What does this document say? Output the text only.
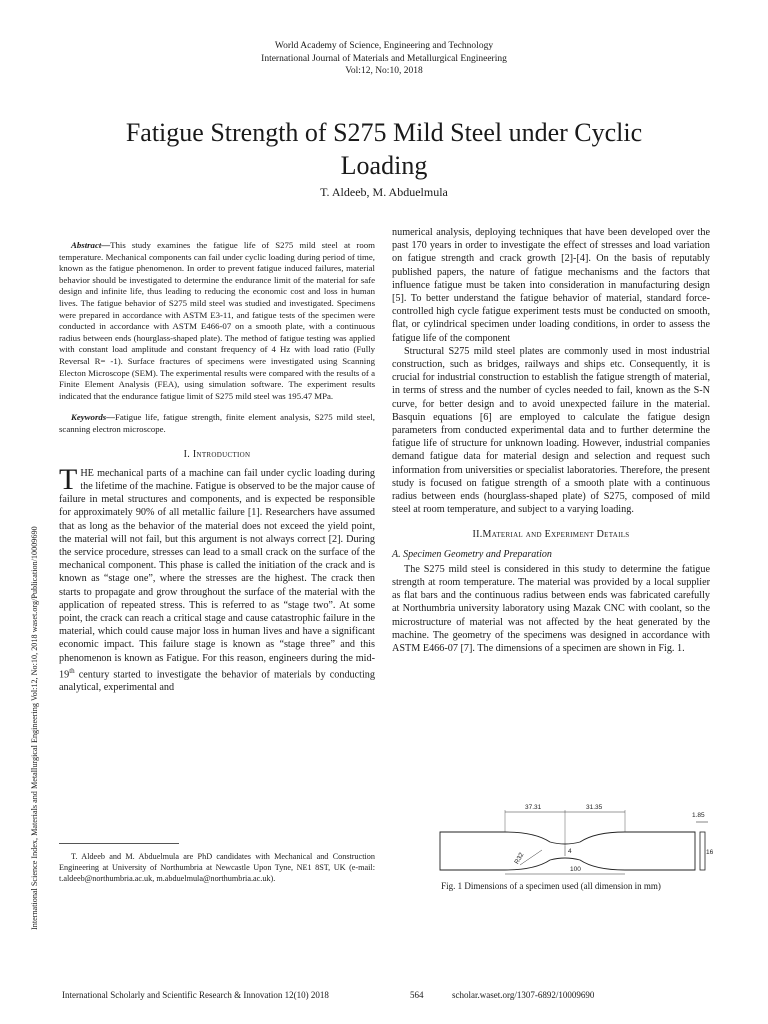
World Academy of Science, Engineering and Technology
International Journal of Materials and Metallurgical Engineering
Vol:12, No:10, 2018
Fatigue Strength of S275 Mild Steel under Cyclic
Loading
T. Aldeeb, M. Abduelmula
International Science Index, Materials and Metallurgical Engineering Vol:12, No:10, 2018 waset.org/Publication/10009690

Abstract—This study examines the fatigue life of S275 mild steel at room temperature. Mechanical components can fail under cyclic loading during period of time, known as the fatigue phenomenon. In order to prevent fatigue induced failures, material behavior should be investigated to determine the endurance limit of the material for safe design and infinite life, thus leading to reducing the economic cost and loss in human lives. The fatigue behavior of S275 mild steel was studied and investigated. Specimens were prepared in accordance with ASTM E3-11, and fatigue tests of the specimen were conducted in accordance with ASTM E466-07 on a smooth plate, with a continuous radius between ends (hourglass-shaped plate). The method of fatigue testing was applied with constant load amplitude and constant frequency of 4 Hz with load ratio (Fully Reversal R= -1). Surface fractures of specimens were investigated using Scanning Electon Microscope (SEM). The experimental results were compared with the results of a Finite Element Analysis (FEA), using simulation software. The experiment results indicated that the endurance fatigue limit of S275 mild steel was 195.47 MPa.

Keywords—Fatigue life, fatigue strength, finite element analysis, S275 mild steel, scanning electron microscope.

I. Introduction

THE mechanical parts of a machine can fail under cyclic loading during the lifetime of the machine. Fatigue is observed to be the major cause of failure in metal structures and components, and is expected be responsible for approximately 90% of all metallic failure [1]. Researchers have assumed that as long as the behavior of the material does not exceed the yield point, the material will not fail, but this argument is not always correct [2]. During the service procedure, stresses can lead to a small crack on the surface of the mechanical component. This phase is called the initiation of the crack and is known as “stage one”, where the stresses are the highest. The crack then starts to propagate and grow throughout the surface of the material with the application of repeated stress. This is referred to as “stage two”. At some point, the crack can reach a critical stage and cause catastrophic failure in the material, which could cause major loss in human lives and have a significant economic impact. This failure stage is known as “stage three” and this phenomenon is known as Fatigue. For this reason, engineers during the mid-19th century started to investigate the behavior of materials by conducting analytical, experimental and

T. Aldeeb and M. Abduelmula are PhD candidates with Mechanical and Construction Engineering at University of Northumbria at Newcastle Upon Tyne, NE1 8ST, UK (e-mail: t.aldeeb@northumbria.ac.uk, m.abduelmula@northumbria.ac.uk).

numerical analysis, deploying techniques that have been developed over the past 170 years in order to investigate the effect of stresses and load variation on fatigue strength and crack growth [2]-[4]. On the basis of reputably published papers, the nature of fatigue mechanisms and the factors that influence fatigue must be taken into consideration in manufacturing design [5]. To better understand the fatigue behavior of material, standard force-controlled high cycle fatigue experiment tests must be conducted on smooth, flat, or cylindrical specimen under loading conditions, in order to assess the fatigue life of the component

Structural S275 mild steel plates are commonly used in most industrial construction, such as bridges, railways and ships etc. Consequently, it is crucial for industrial construction to establish the fatigue strength of material, in terms of stress and the number of cycles needed to fail, known as the S-N curve, for better design and to avoid unexpected failure in the material. Basquin equations [6] are employed to calculate the fatigue design parameters from conducted experimental data and to further determine the fatigue life of structure for unknown loading. However, industrial companies demand fatigue data for material design and selection and request such information from universities or specialist laboratories. Therefore, the present study is focused on fatigue strength of a smooth plate with a continuous radius between ends (hourglass-shaped plate) of S275, composed of mild steel at room temperature, and subject to a varying loading.

II.Material and Experiment Details
A. Specimen Geometry and Preparation

The S275 mild steel is considered in this study to determine the fatigue strength at room temperature. The material was provided by a local supplier as flat bars and the continuous radius between ends was fabricated carefully at Northumbria university laboratory using Mazak CNC with coolant, so the microstructure of material was not affected by the heat generated by the machine. The geometry of the specimens was designed in accordance with ASTM E466-07 [7]. The dimensions of a specimen are shown in Fig. 1.

37.31	31.35
1.85
100
R32
4	16
Fig. 1 Dimensions of a specimen used (all dimension in mm)
International Scholarly and Scientific Research & Innovation 12(10) 2018	564	scholar.waset.org/1307-6892/10009690
